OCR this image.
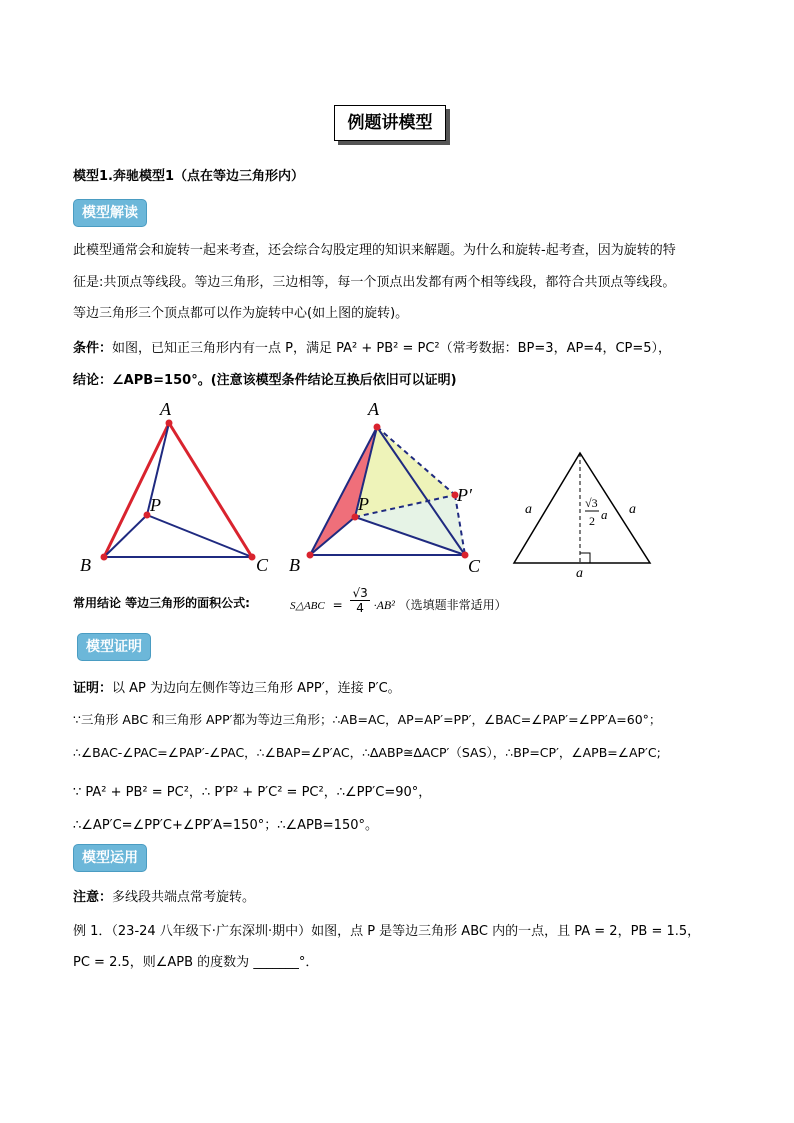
例题讲模型
模型1.奔驰模型1（点在等边三角形内）
模型解读
此模型通常会和旋转一起来考查，还会综合勾股定理的知识来解题。为什么和旋转-起考查，因为旋转的特
征是:共顶点等线段。等边三角形，三边相等，每一个顶点出发都有两个相等线段，都符合共顶点等线段。
等边三角形三个顶点都可以作为旋转中心(如上图的旋转)。
条件：如图，已知正三角形内有一点 P，满足 PA² + PB² = PC²（常考数据：BP=3，AP=4，CP=5），
结论：∠APB=150°。(注意该模型条件结论互换后依旧可以证明)
A
B	C
P
A
B	C
P	P′
a	a
a
√3
2 a
常用结论 等边三角形的面积公式:	S△ABC = $\frac{√3}{4} \cdot AB^2$ （选填题非常适用）
模型证明
证明：以 AP 为边向左侧作等边三角形 APP′，连接 P′C。
∵三角形 ABC 和三角形 APP′都为等边三角形；∴AB=AC，AP=AP′=PP′，∠BAC=∠PAP′=∠PP′A=60°；
∴∠BAC-∠PAC=∠PAP′-∠PAC，∴∠BAP=∠P′AC，∴∆ABP≅∆ACP′（SAS），∴BP=CP′，∠APB=∠AP′C;
∵ PA² + PB² = PC²，∴ P′P² + P′C² = PC²，∴∠PP′C=90°，
∴∠AP′C=∠PP′C+∠PP′A=150°；∴∠APB=150°。
模型运用
注意：多线段共端点常考旋转。
例 1．（23-24 八年级下·广东深圳·期中）如图，点 P 是等边三角形 ABC 内的一点，且 PA = 2，PB = 1.5，
PC = 2.5，则∠APB 的度数为 _______°．
